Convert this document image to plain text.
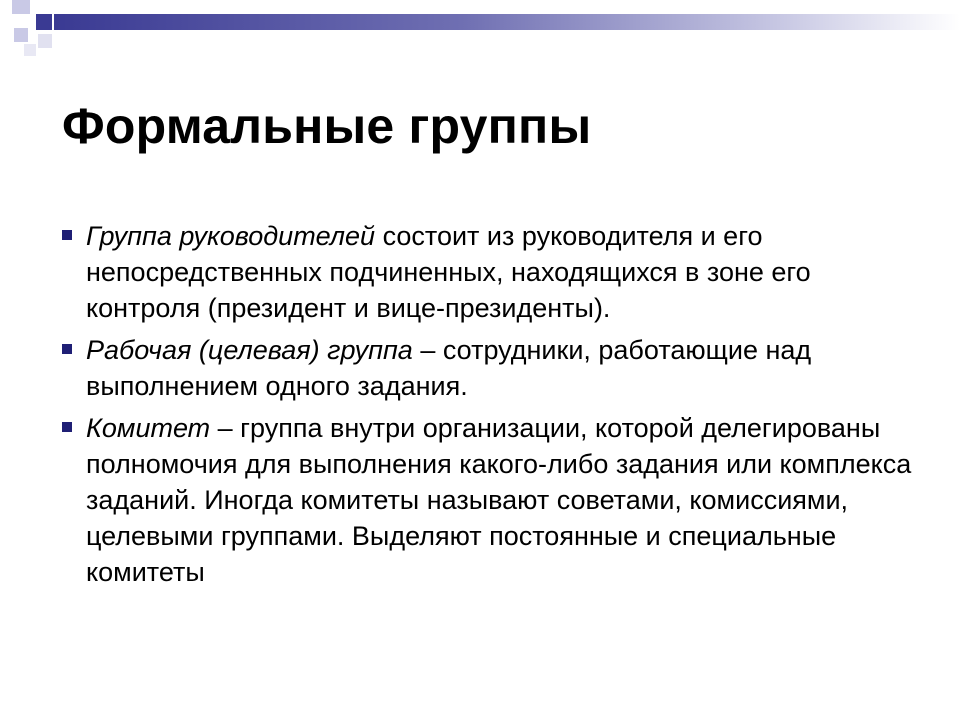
Формальные группы
Группа руководителей состоит из руководителя и его непосредственных подчиненных, находящихся в зоне его контроля (президент и вице-президенты).
Рабочая (целевая) группа – сотрудники, работающие над выполнением одного задания.
Комитет – группа внутри организации, которой делегированы полномочия для выполнения какого-либо задания или комплекса заданий. Иногда комитеты называют советами, комиссиями, целевыми группами. Выделяют постоянные и специальные комитеты
